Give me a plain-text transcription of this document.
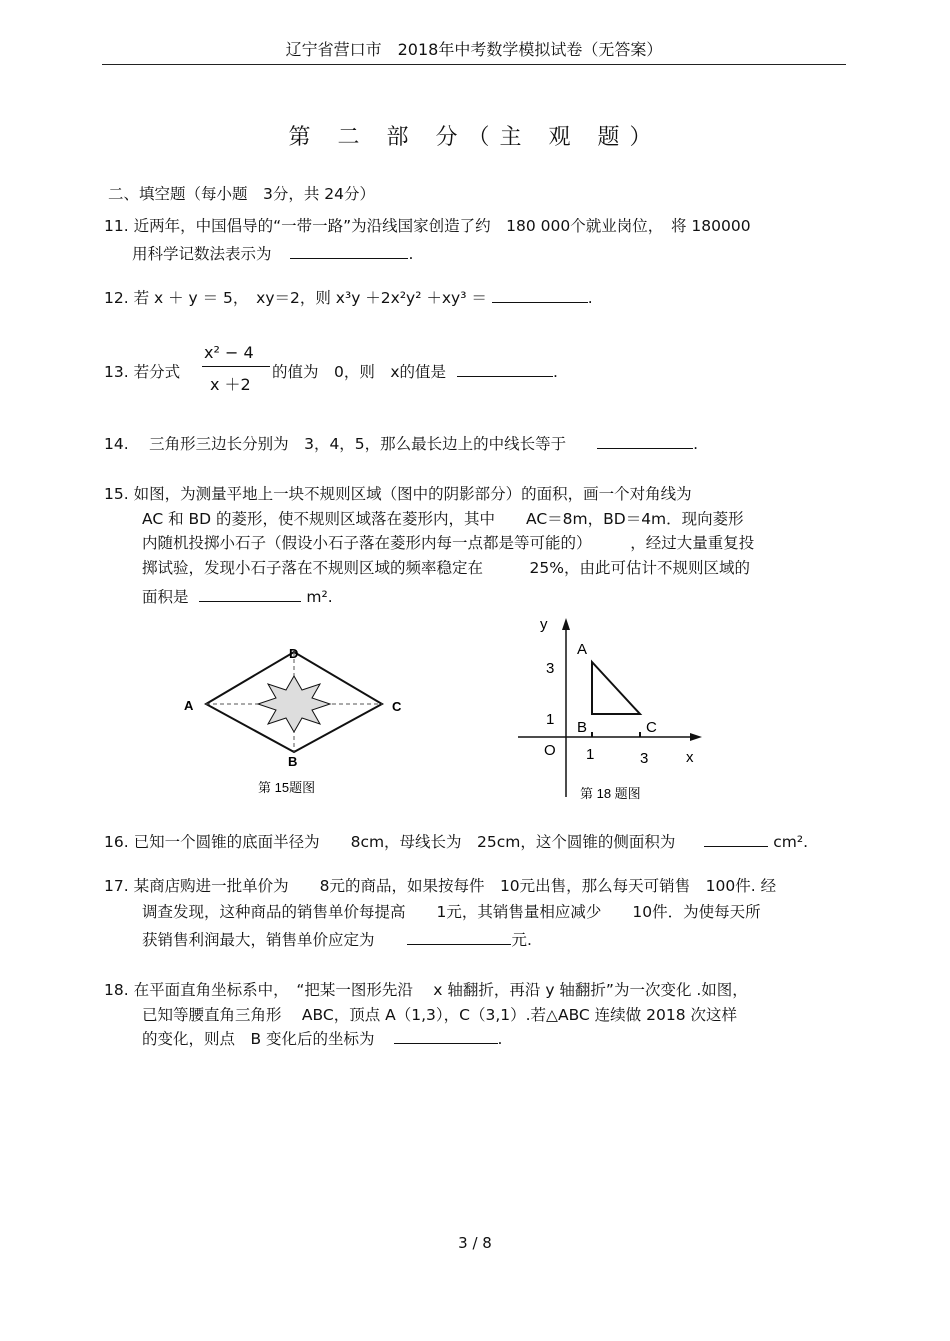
辽宁省营口市　2018年中考数学模拟试卷（无答案）
第 二 部 分（主 观 题）
二、填空题（每小题　3分，共 24分）
11. 近两年，中国倡导的“一带一路”为沿线国家创造了约　180 000个就业岗位，　将 180000
用科学记数法表示为	.
12. 若 x ＋ y ＝ 5，　xy＝2，则 x³y ＋2x²y² ＋xy³ ＝	.
13. 若分式
x² − 4
x ＋2
的值为　0，则　x的值是	.
14.　 三角形三边长分别为　3，4，5，那么最长边上的中线长等于	.
15. 如图，为测量平地上一块不规则区域（图中的阴影部分）的面积，画一个对角线为
AC 和 BD 的菱形，使不规则区域落在菱形内，其中　　AC＝8m，BD＝4m．现向菱形
内随机投掷小石子（假设小石子落在菱形内每一点都是等可能的）　　　，经过大量重复投
掷试验，发现小石子落在不规则区域的频率稳定在　　　25%，由此可估计不规则区域的
面积是	m².
A
D
C
B
第 15题图
y
x
O
A
B	C
3
1
1	3
第 18 题图
16. 已知一个圆锥的底面半径为　　8cm，母线长为　25cm，这个圆锥的侧面积为	cm².
17. 某商店购进一批单价为　　8元的商品，如果按每件　10元出售，那么每天可销售　100件. 经
调查发现，这种商品的销售单价每提高　　1元，其销售量相应减少　　10件．为使每天所
获销售利润最大，销售单价应定为	元.
18. 在平面直角坐标系中，　“把某一图形先沿　 x 轴翻折，再沿 y 轴翻折”为一次变化 .如图，
已知等腰直角三角形　 ABC，顶点 A（1,3），C（3,1）.若△ABC 连续做 2018 次这样
的变化，则点　B 变化后的坐标为	.
3 / 8
